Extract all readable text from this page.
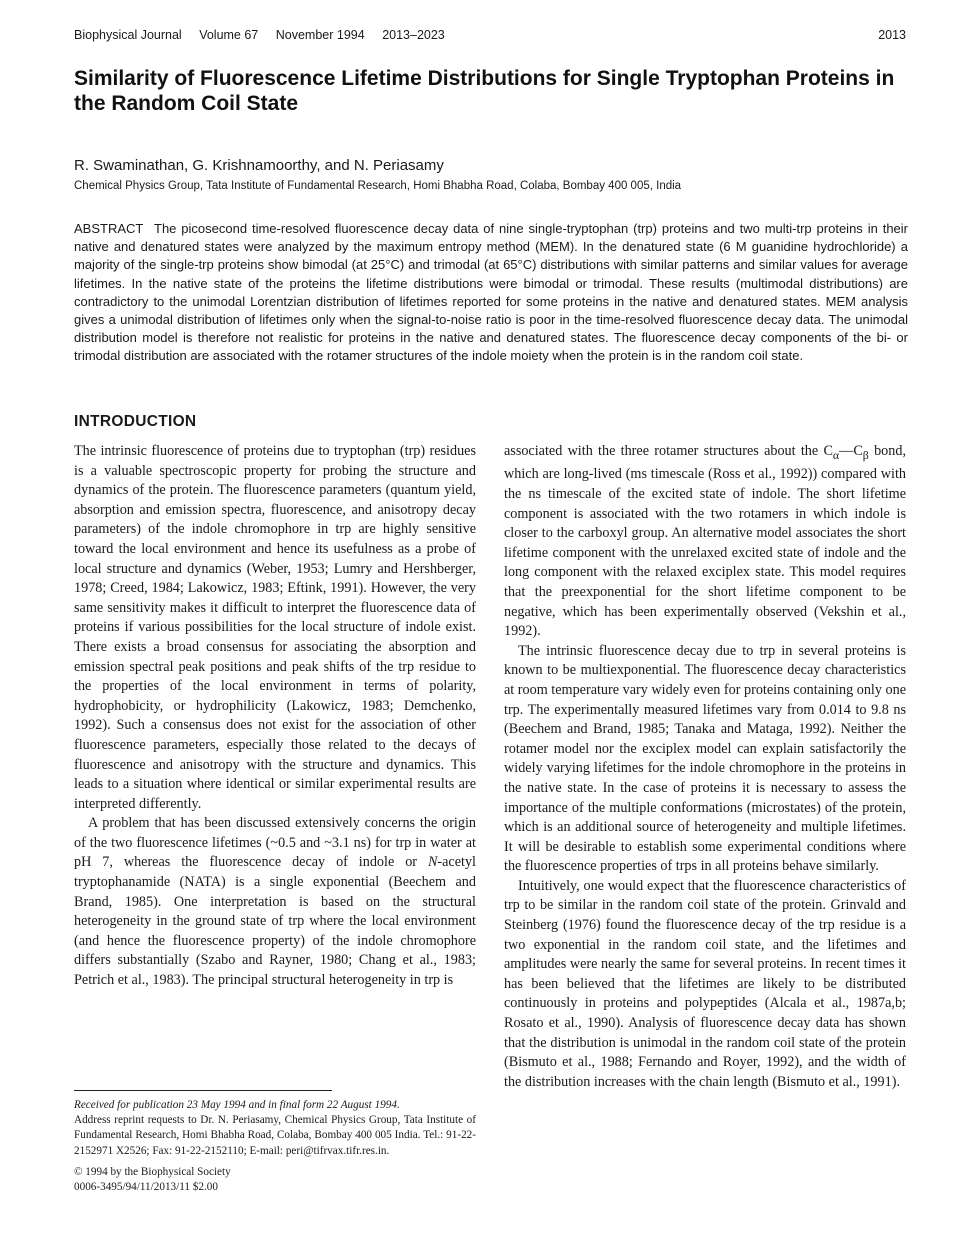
Biophysical Journal Volume 67 November 1994 2013–2023	2013
Similarity of Fluorescence Lifetime Distributions for Single Tryptophan Proteins in the Random Coil State
R. Swaminathan, G. Krishnamoorthy, and N. Periasamy
Chemical Physics Group, Tata Institute of Fundamental Research, Homi Bhabha Road, Colaba, Bombay 400 005, India
ABSTRACT The picosecond time-resolved fluorescence decay data of nine single-tryptophan (trp) proteins and two multi-trp proteins in their native and denatured states were analyzed by the maximum entropy method (MEM). In the denatured state (6 M guanidine hydrochloride) a majority of the single-trp proteins show bimodal (at 25°C) and trimodal (at 65°C) distributions with similar patterns and similar values for average lifetimes. In the native state of the proteins the lifetime distributions were bimodal or trimodal. These results (multimodal distributions) are contradictory to the unimodal Lorentzian distribution of lifetimes reported for some proteins in the native and denatured states. MEM analysis gives a unimodal distribution of lifetimes only when the signal-to-noise ratio is poor in the time-resolved fluorescence decay data. The unimodal distribution model is therefore not realistic for proteins in the native and denatured states. The fluorescence decay components of the bi- or trimodal distribution are associated with the rotamer structures of the indole moiety when the protein is in the random coil state.
INTRODUCTION

The intrinsic fluorescence of proteins due to tryptophan (trp) residues is a valuable spectroscopic property for probing the structure and dynamics of the protein. The fluorescence parameters (quantum yield, absorption and emission spectra, fluorescence, and anisotropy decay parameters) of the indole chromophore in trp are highly sensitive toward the local environment and hence its usefulness as a probe of local structure and dynamics (Weber, 1953; Lumry and Hershberger, 1978; Creed, 1984; Lakowicz, 1983; Eftink, 1991). However, the very same sensitivity makes it difficult to interpret the fluorescence data of proteins if various possibilities for the local structure of indole exist. There exists a broad consensus for associating the absorption and emission spectral peak positions and peak shifts of the trp residue to the properties of the local environment in terms of polarity, hydrophobicity, or hydrophilicity (Lakowicz, 1983; Demchenko, 1992). Such a consensus does not exist for the association of other fluorescence parameters, especially those related to the decays of fluorescence and anisotropy with the structure and dynamics. This leads to a situation where identical or similar experimental results are interpreted differently.

A problem that has been discussed extensively concerns the origin of the two fluorescence lifetimes (~0.5 and ~3.1 ns) for trp in water at pH 7, whereas the fluorescence decay of indole or N-acetyl tryptophanamide (NATA) is a single exponential (Beechem and Brand, 1985). One interpretation is based on the structural heterogeneity in the ground state of trp where the local environment (and hence the fluorescence property) of the indole chromophore differs substantially (Szabo and Rayner, 1980; Chang et al., 1983; Petrich et al., 1983). The principal structural heterogeneity in trp is

associated with the three rotamer structures about the $C_\alpha—C_\beta$ bond, which are long-lived (ms timescale (Ross et al., 1992)) compared with the ns timescale of the excited state of indole. The short lifetime component is associated with the two rotamers in which indole is closer to the carboxyl group. An alternative model associates the short lifetime component with the unrelaxed excited state of indole and the long component with the relaxed exciplex state. This model requires that the preexponential for the short lifetime component to be negative, which has been experimentally observed (Vekshin et al., 1992).

The intrinsic fluorescence decay due to trp in several proteins is known to be multiexponential. The fluorescence decay characteristics at room temperature vary widely even for proteins containing only one trp. The experimentally measured lifetimes vary from 0.014 to 9.8 ns (Beechem and Brand, 1985; Tanaka and Mataga, 1992). Neither the rotamer model nor the exciplex model can explain satisfactorily the widely varying lifetimes for the indole chromophore in the proteins in the native state. In the case of proteins it is necessary to assess the importance of the multiple conformations (microstates) of the protein, which is an additional source of heterogeneity and multiple lifetimes. It will be desirable to establish some experimental conditions where the fluorescence properties of trps in all proteins behave similarly.

Intuitively, one would expect that the fluorescence characteristics of trp to be similar in the random coil state of the protein. Grinvald and Steinberg (1976) found the fluorescence decay of the trp residue is a two exponential in the random coil state, and the lifetimes and amplitudes were nearly the same for several proteins. In recent times it has been believed that the lifetimes are likely to be distributed continuously in proteins and polypeptides (Alcala et al., 1987a,b; Rosato et al., 1990). Analysis of fluorescence decay data has shown that the distribution is unimodal in the random coil state of the protein (Bismuto et al., 1988; Fernando and Royer, 1992), and the width of the distribution increases with the chain length (Bismuto et al., 1991).

Received for publication 23 May 1994 and in final form 22 August 1994.
Address reprint requests to Dr. N. Periasamy, Chemical Physics Group, Tata Institute of Fundamental Research, Homi Bhabha Road, Colaba, Bombay 400 005 India. Tel.: 91-22-2152971 X2526; Fax: 91-22-2152110; E-mail: peri@tifrvax.tifr.res.in.
© 1994 by the Biophysical Society
0006-3495/94/11/2013/11 $2.00
